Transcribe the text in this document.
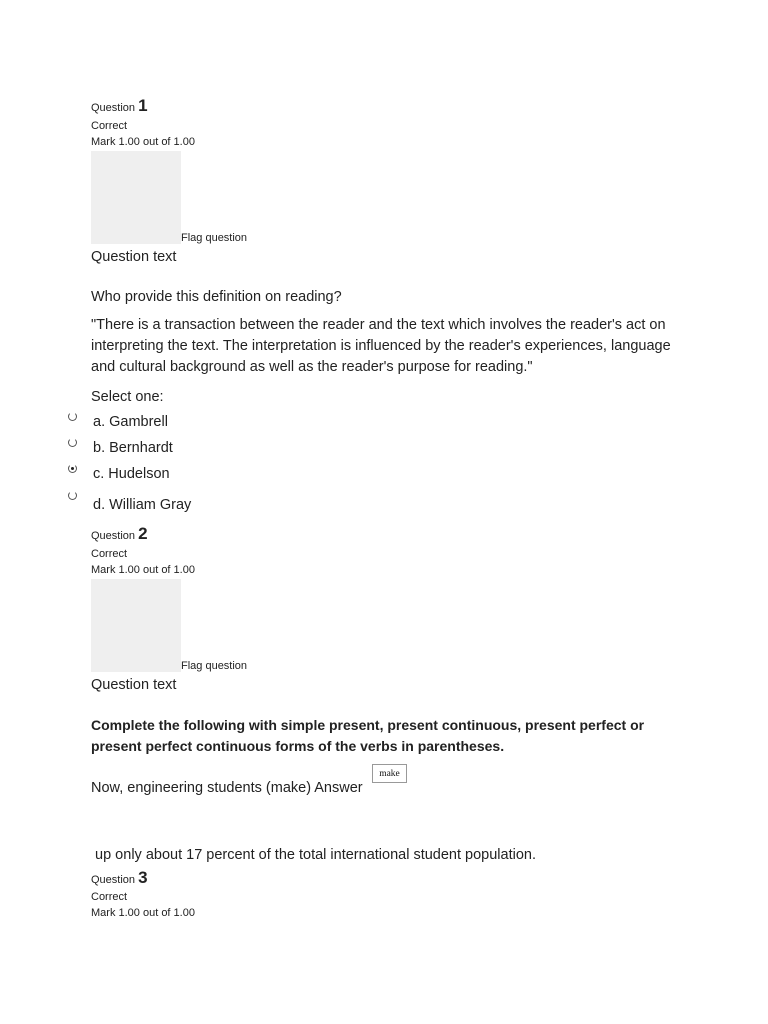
Question 1
Correct
Mark 1.00 out of 1.00
Flag question
Question text
Who provide this definition on reading?
"There is a transaction between the reader and the text which involves the reader's act on interpreting the text. The interpretation is influenced by the reader's experiences, language and cultural background as well as the reader's purpose for reading."
Select one:
a. Gambrell
b. Bernhardt
c. Hudelson
d. William Gray
Question 2
Correct
Mark 1.00 out of 1.00
Flag question
Question text
Complete the following with simple present, present continuous, present perfect or present perfect continuous forms of the verbs in parentheses.
Now, engineering students (make) Answer
make
up only about 17 percent of the total international student population.
Question 3
Correct
Mark 1.00 out of 1.00
